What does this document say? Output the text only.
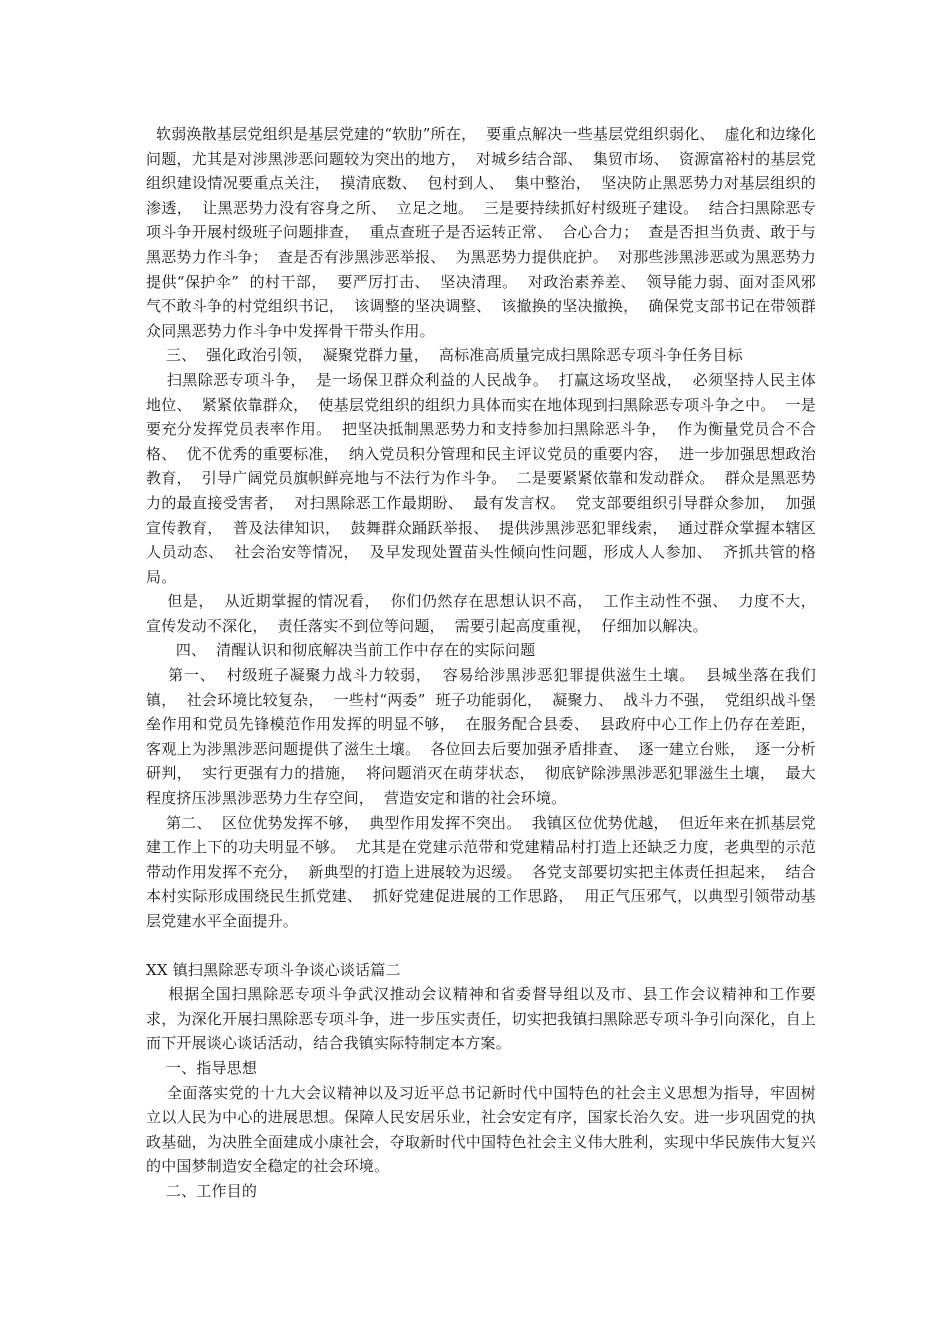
软弱涣散基层党组织是基层党建的“软肋”所在，  要重点解决一些基层党组织弱化、  虚化和边缘化问题，尤其是对涉黑涉恶问题较为突出的地方，  对城乡结合部、  集贸市场、  资源富裕村的基层党组织建设情况要重点关注，  摸清底数、  包村到人、  集中整治，  坚决防止黑恶势力对基层组织的渗透，  让黑恶势力没有容身之所、  立足之地。  三是要持续抓好村级班子建设。  结合扫黑除恶专项斗争开展村级班子问题排查，  重点查班子是否运转正常、  合心合力；  查是否担当负责、敢于与黑恶势力作斗争；  查是否有涉黑涉恶举报、  为黑恶势力提供庇护。  对那些涉黑涉恶或为黑恶势力提供“保护伞”  的村干部，  要严厉打击、  坚决清理。  对政治素养差、  领导能力弱、面对歪风邪气不敢斗争的村党组织书记，  该调整的坚决调整、  该撤换的坚决撤换，  确保党支部书记在带领群众同黑恶势力作斗争中发挥骨干带头作用。

三、  强化政治引领，  凝聚党群力量，  高标准高质量完成扫黑除恶专项斗争任务目标

扫黑除恶专项斗争，  是一场保卫群众利益的人民战争。  打赢这场攻坚战，  必须坚持人民主体地位、  紧紧依靠群众，  使基层党组织的组织力具体而实在地体现到扫黑除恶专项斗争之中。  一是要充分发挥党员表率作用。  把坚决抵制黑恶势力和支持参加扫黑除恶斗争，  作为衡量党员合不合格、  优不优秀的重要标准，  纳入党员积分管理和民主评议党员的重要内容，  进一步加强思想政治教育，  引导广阔党员旗帜鲜亮地与不法行为作斗争。  二是要紧紧依靠和发动群众。  群众是黑恶势力的最直接受害者，  对扫黑除恶工作最期盼、  最有发言权。  党支部要组织引导群众参加，  加强宣传教育，  普及法律知识，  鼓舞群众踊跃举报、  提供涉黑涉恶犯罪线索，  通过群众掌握本辖区人员动态、  社会治安等情况，  及早发现处置苗头性倾向性问题，形成人人参加、  齐抓共管的格局。

但是，  从近期掌握的情况看，  你们仍然存在思想认识不高，  工作主动性不强、  力度不大，  宣传发动不深化，  责任落实不到位等问题，  需要引起高度重视，  仔细加以解决。

四、  清醒认识和彻底解决当前工作中存在的实际问题

第一、  村级班子凝聚力战斗力较弱，  容易给涉黑涉恶犯罪提供滋生土壤。  县城坐落在我们镇，  社会环境比较复杂，  一些村“两委”  班子功能弱化，  凝聚力、  战斗力不强，  党组织战斗堡垒作用和党员先锋模范作用发挥的明显不够，  在服务配合县委、  县政府中心工作上仍存在差距，  客观上为涉黑涉恶问题提供了滋生土壤。  各位回去后要加强矛盾排查、  逐一建立台账，  逐一分析研判，  实行更强有力的措施，  将问题消灭在萌芽状态，  彻底铲除涉黑涉恶犯罪滋生土壤，  最大程度挤压涉黑涉恶势力生存空间，  营造安定和谐的社会环境。

第二、  区位优势发挥不够，  典型作用发挥不突出。  我镇区位优势优越，  但近年来在抓基层党建工作上下的功夫明显不够。  尤其是在党建示范带和党建精品村打造上还缺乏力度，老典型的示范带动作用发挥不充分，  新典型的打造上进展较为迟缓。  各党支部要切实把主体责任担起来，  结合本村实际形成围绕民生抓党建、  抓好党建促进展的工作思路，  用正气压邪气，以典型引领带动基层党建水平全面提升。

XX 镇扫黑除恶专项斗争谈心谈话篇二

根据全国扫黑除恶专项斗争武汉推动会议精神和省委督导组以及市、县工作会议精神和工作要求，为深化开展扫黑除恶专项斗争，进一步压实责任，切实把我镇扫黑除恶专项斗争引向深化，自上而下开展谈心谈话活动，结合我镇实际特制定本方案。

一、指导思想

全面落实党的十九大会议精神以及习近平总书记新时代中国特色的社会主义思想为指导，牢固树立以人民为中心的进展思想。保障人民安居乐业，社会安定有序，国家长治久安。进一步巩固党的执政基础，为决胜全面建成小康社会，夺取新时代中国特色社会主义伟大胜利，实现中华民族伟大复兴的中国梦制造安全稳定的社会环境。

二、工作目的
